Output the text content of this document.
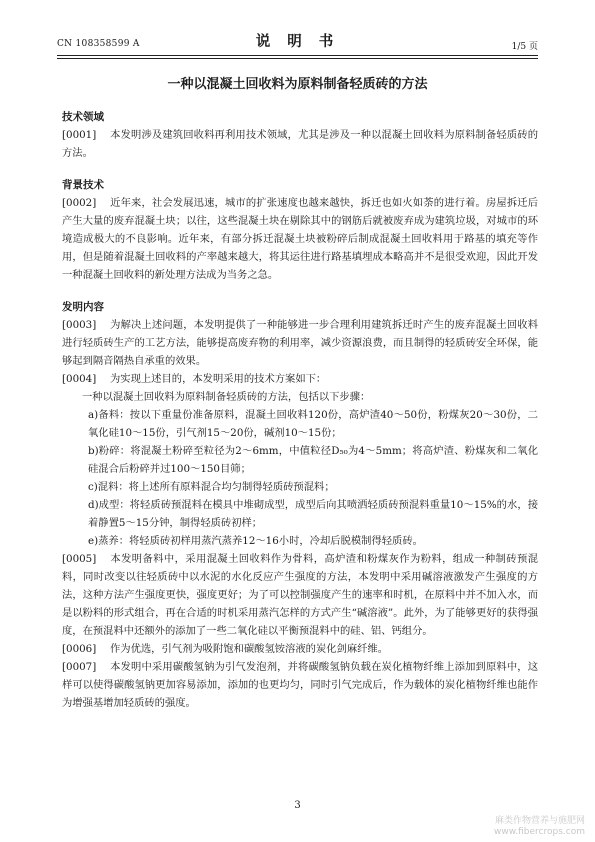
CN 108358599 A	说 明 书	1/5 页
一种以混凝土回收料为原料制备轻质砖的方法
技术领域

[0001] 本发明涉及建筑回收料再利用技术领域，尤其是涉及一种以混凝土回收料为原料制备轻质砖的方法。

背景技术

[0002] 近年来，社会发展迅速，城市的扩张速度也越来越快，拆迁也如火如荼的进行着。房屋拆迁后产生大量的废弃混凝土块；以往，这些混凝土块在剔除其中的钢筋后就被废弃成为建筑垃圾，对城市的环境造成极大的不良影响。近年来，有部分拆迁混凝土块被粉碎后制成混凝土回收料用于路基的填充等作用，但是随着混凝土回收料的产率越来越大，将其运往进行路基填埋成本略高并不是很受欢迎，因此开发一种混凝土回收料的新处理方法成为当务之急。

发明内容

[0003] 为解决上述问题，本发明提供了一种能够进一步合理利用建筑拆迁时产生的废弃混凝土回收料进行轻质砖生产的工艺方法，能够提高废弃物的利用率，减少资源浪费，而且制得的轻质砖安全环保，能够起到隔音隔热自承重的效果。

[0004] 为实现上述目的，本发明采用的技术方案如下：

一种以混凝土回收料为原料制备轻质砖的方法，包括以下步骤：

a)备料：按以下重量份准备原料，混凝土回收料120份，高炉渣40～50份，粉煤灰20～30份，二氧化硅10～15份，引气剂15～20份，碱剂10～15份；

b)粉碎：将混凝土粉碎至粒径为2～6mm，中值粒径D₅₀为4～5mm；将高炉渣、粉煤灰和二氧化硅混合后粉碎并过100～150目筛；

c)混料：将上述所有原料混合均匀制得轻质砖预混料；

d)成型：将轻质砖预混料在模具中堆砌成型，成型后向其喷洒轻质砖预混料重量10～15%的水，接着静置5～15分钟，制得轻质砖初样；

e)蒸养：将轻质砖初样用蒸汽蒸养12～16小时，冷却后脱模制得轻质砖。

[0005] 本发明备料中，采用混凝土回收料作为骨料，高炉渣和粉煤灰作为粉料，组成一种制砖预混料，同时改变以往轻质砖中以水泥的水化反应产生强度的方法，本发明中采用碱溶液激发产生强度的方法，这种方法产生强度更快，强度更好；为了可以控制强度产生的速率和时机，在原料中并不加入水，而是以粉料的形式组合，再在合适的时机采用蒸汽怎样的方式产生“碱溶液”。此外，为了能够更好的获得强度，在预混料中还额外的添加了一些二氧化硅以平衡预混料中的硅、铝、钙组分。

[0006] 作为优选，引气剂为吸附饱和碳酸氢铵溶液的炭化剑麻纤维。

[0007] 本发明中采用碳酸氢钠为引气发泡剂，并将碳酸氢钠负载在炭化植物纤维上添加到原料中，这样可以使得碳酸氢钠更加容易添加，添加的也更均匀，同时引气完成后，作为载体的炭化植物纤维也能作为增强基增加轻质砖的强度。

3
麻类作物营养与施肥网
www.fibercrops.com
